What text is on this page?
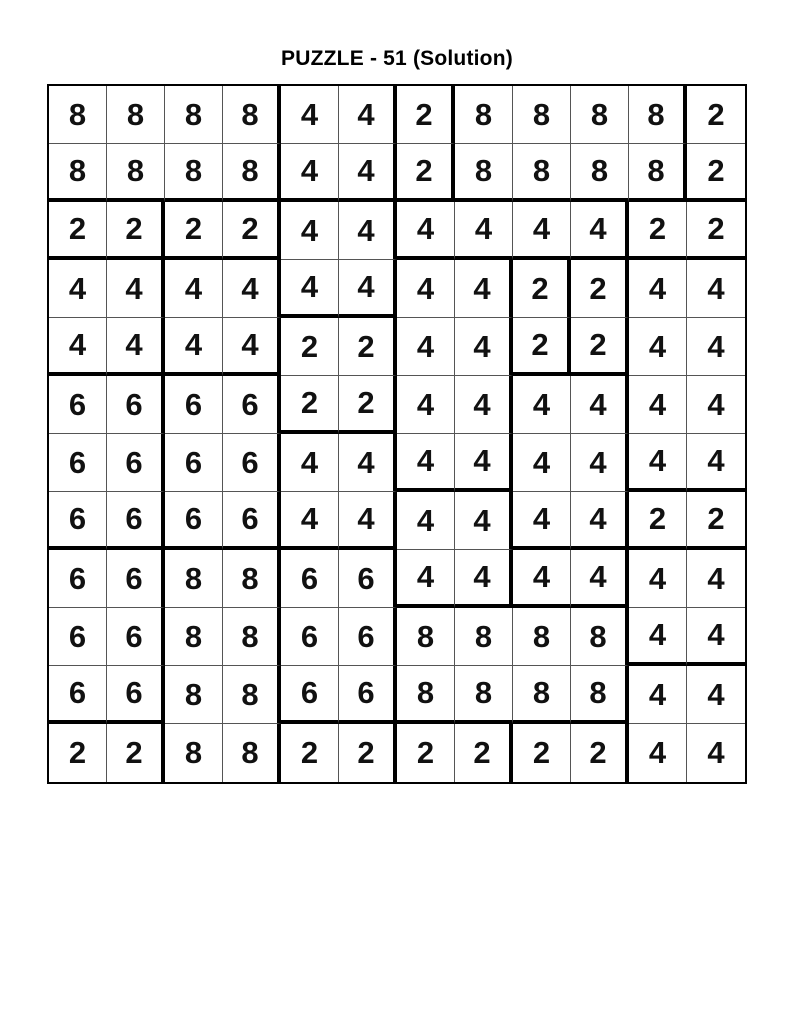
PUZZLE - 51 (Solution)
8	8	8	8	4	4	2	8	8	8	8	2
8	8	8	8	4	4	2	8	8	8	8	2
2	2	2	2	4	4	4	4	4	4	2	2
4	4	4	4	4	4	4	4	2	2	4	4
4	4	4	4	2	2	4	4	2	2	4	4
6	6	6	6	2	2	4	4	4	4	4	4
6	6	6	6	4	4	4	4	4	4	4	4
6	6	6	6	4	4	4	4	4	4	2	2
6	6	8	8	6	6	4	4	4	4	4	4
6	6	8	8	6	6	8	8	8	8	4	4
6	6	8	8	6	6	8	8	8	8	4	4
2	2	8	8	2	2	2	2	2	2	4	4
